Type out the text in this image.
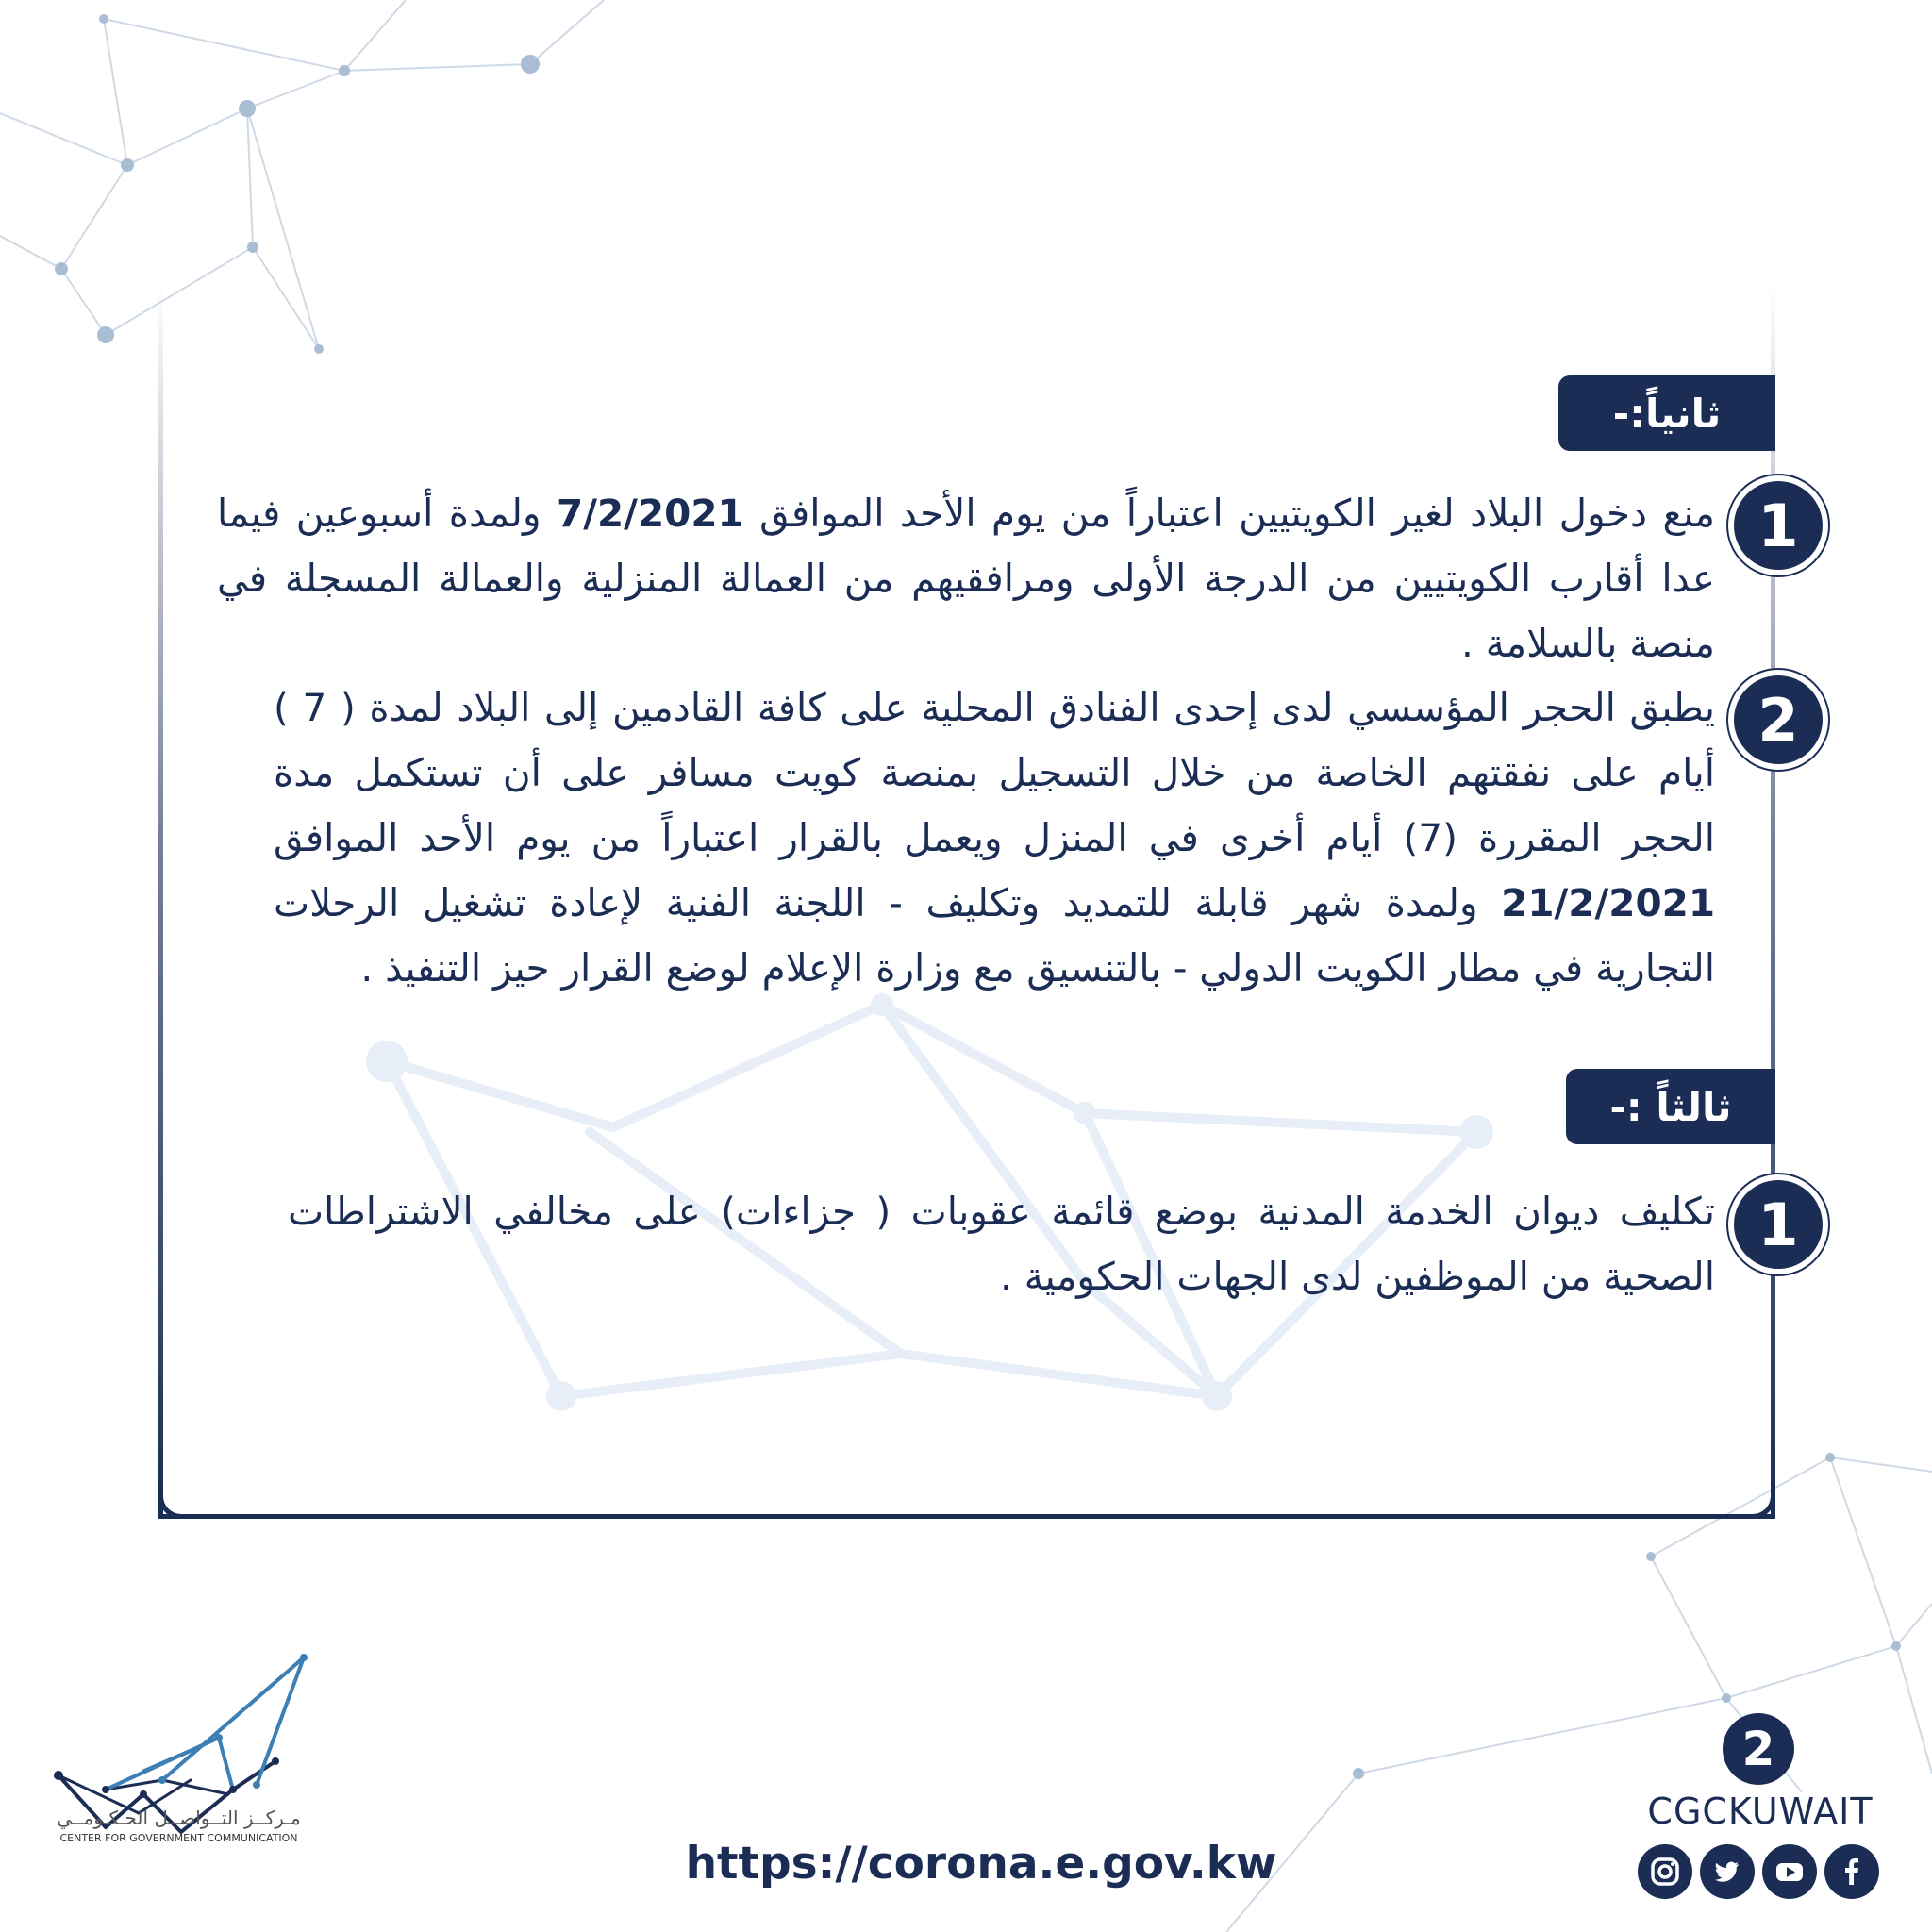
ثانياً:-
1
منع دخول البلاد لغير الكويتيين اعتباراً من يوم الأحد الموافق 7/2/2021 ولمدة أسبوعين فيما عدا أقارب الكويتيين من الدرجة الأولى ومرافقيهم من العمالة المنزلية والعمالة المسجلة في منصة بالسلامة .
2
يطبق الحجر المؤسسي لدى إحدى الفنادق المحلية على كافة القادمين إلى البلاد لمدة ( 7 ) أيام على نفقتهم الخاصة من خلال التسجيل بمنصة كويت مسافر على أن تستكمل مدة الحجر المقررة (7) أيام أخرى في المنزل ويعمل بالقرار اعتباراً من يوم الأحد الموافق 21/2/2021 ولمدة شهر قابلة للتمديد وتكليف - اللجنة الفنية لإعادة تشغيل الرحلات التجارية في مطار الكويت الدولي - بالتنسيق مع وزارة الإعلام لوضع القرار حيز التنفيذ .
ثالثاً :-
1
تكليف ديوان الخدمة المدنية بوضع قائمة عقوبات ( جزاءات) على مخالفي الاشتراطات الصحية من الموظفين لدى الجهات الحكومية .
مـركــز التــواصــل الحـكـومــي
CENTER FOR GOVERNMENT COMMUNICATION	https://corona.e.gov.kw
2
CGCKUWAIT
